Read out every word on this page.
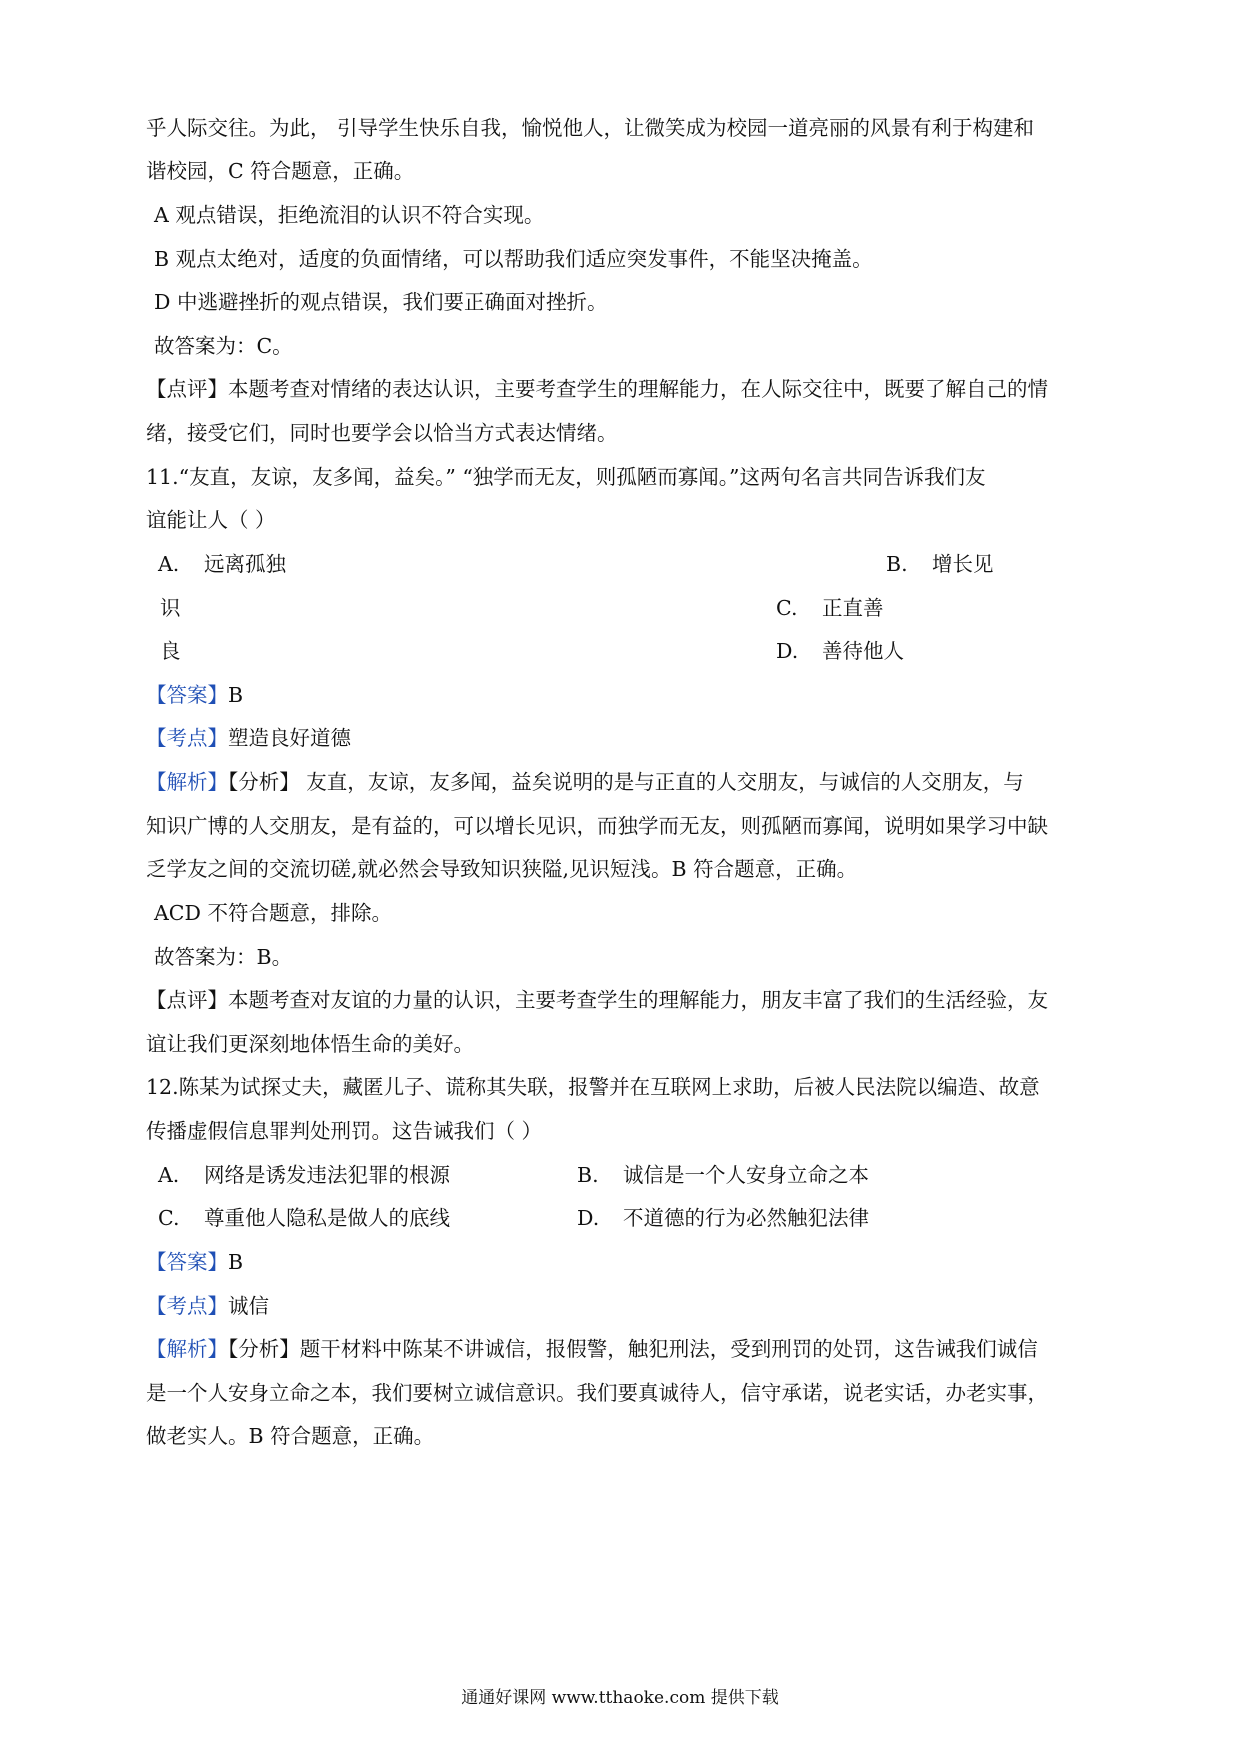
乎人际交往。为此， 引导学生快乐自我，愉悦他人，让微笑成为校园一道亮丽的风景有利于构建和
谐校园，C 符合题意，正确。
A 观点错误，拒绝流泪的认识不符合实现。
B 观点太绝对，适度的负面情绪，可以帮助我们适应突发事件，不能坚决掩盖。
D 中逃避挫折的观点错误，我们要正确面对挫折。
故答案为：C。
【点评】本题考查对情绪的表达认识，主要考查学生的理解能力，在人际交往中，既要了解自己的情
绪，接受它们，同时也要学会以恰当方式表达情绪。
11.“友直，友谅，友多闻，益矣。” “独学而无友，则孤陋而寡闻。”这两句名言共同告诉我们友
谊能让人（ ）
A. 远离孤独	B. 增长见
识	C. 正直善
良	D. 善待他人
【答案】B
【考点】塑造良好道德
【解析】【分析】 友直，友谅，友多闻，益矣说明的是与正直的人交朋友，与诚信的人交朋友，与
知识广博的人交朋友，是有益的，可以增长见识，而独学而无友，则孤陋而寡闻，说明如果学习中缺
乏学友之间的交流切磋,就必然会导致知识狭隘,见识短浅。B 符合题意，正确。
ACD 不符合题意，排除。
故答案为：B。
【点评】本题考查对友谊的力量的认识，主要考查学生的理解能力，朋友丰富了我们的生活经验，友
谊让我们更深刻地体悟生命的美好。
12.陈某为试探丈夫，藏匿儿子、谎称其失联，报警并在互联网上求助，后被人民法院以编造、故意
传播虚假信息罪判处刑罚。这告诫我们（ ）
A. 网络是诱发违法犯罪的根源	B. 诚信是一个人安身立命之本
C. 尊重他人隐私是做人的底线	D. 不道德的行为必然触犯法律
【答案】B
【考点】诚信
【解析】【分析】题干材料中陈某不讲诚信，报假警，触犯刑法，受到刑罚的处罚，这告诫我们诚信
是一个人安身立命之本，我们要树立诚信意识。我们要真诚待人，信守承诺，说老实话，办老实事，
做老实人。B 符合题意，正确。
通通好课网 www.tthaoke.com 提供下载
